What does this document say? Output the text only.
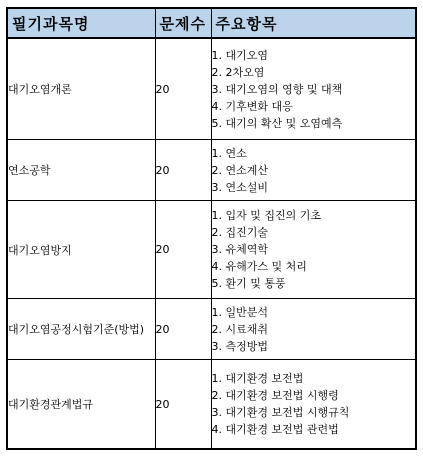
필기과목명	문제수	주요항목
대기오염개론	20	1. 대기오염
2. 2차오염
3. 대기오염의 영향 및 대책
4. 기후변화 대응
5. 대기의 확산 및 오염예측

연소공학	20	1. 연소
2. 연소계산
3. 연소설비

대기오염방지	20	1. 입자 및 집진의 기초
2. 집진기술
3. 유체역학
4. 유해가스 및 처리
5. 환기 및 통풍

대기오염공정시험기준(방법)	20	1. 일반분석
2. 시료채취
3. 측정방법

대기환경관계법규	20	1. 대기환경 보전법
2. 대기환경 보전법 시행령
3. 대기환경 보전법 시행규칙
4. 대기환경 보전법 관련법
